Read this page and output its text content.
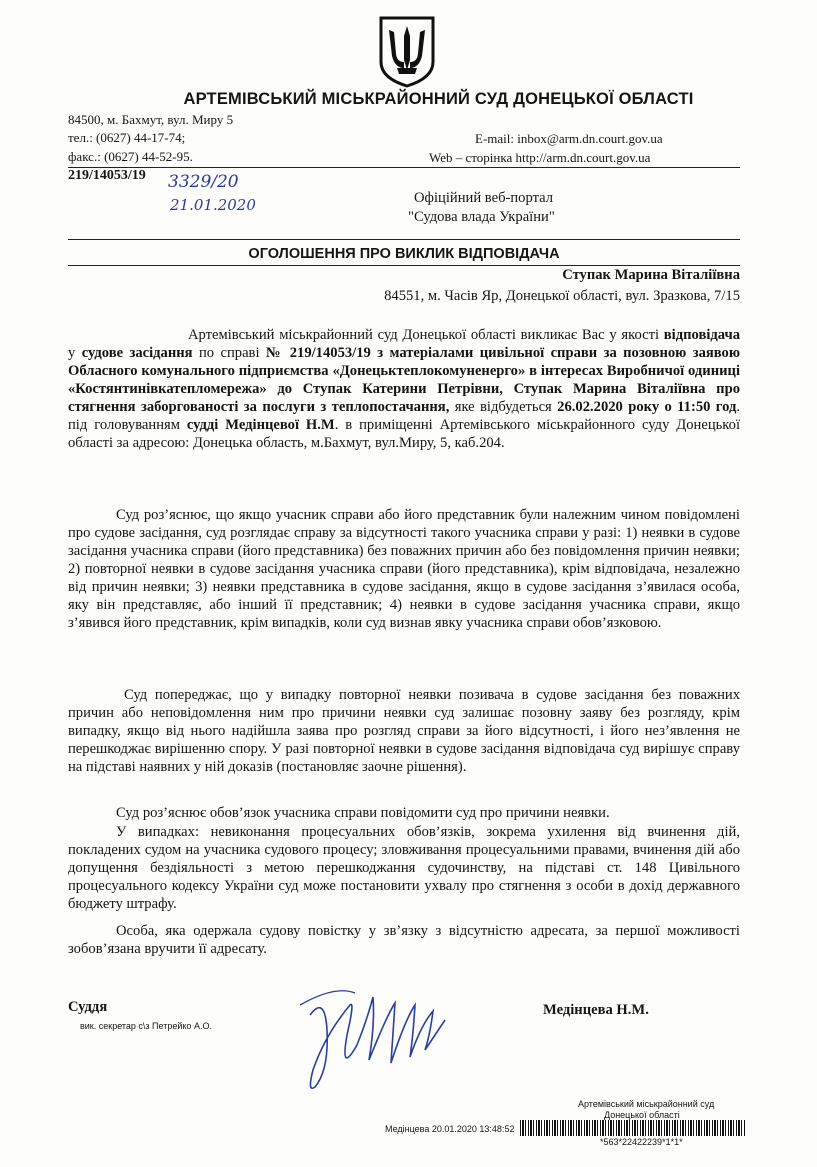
АРТЕМІВСЬКИЙ МІСЬКРАЙОННИЙ СУД ДОНЕЦЬКОЇ ОБЛАСТІ
84500, м. Бахмут, вул. Миру 5
тел.: (0627) 44-17-74;
факс.: (0627) 44-52-95.
E-mail: inbox@arm.dn.court.gov.ua
Web – сторінка http://arm.dn.court.gov.ua
219/14053/19 3329/20
21.01.2020	Офіційний веб-портал
"Судова влада України"
ОГОЛОШЕННЯ ПРО ВИКЛИК ВІДПОВІДАЧА
Ступак Марина Віталіївна
84551, м. Часів Яр, Донецької області, вул. Зразкова, 7/15

Артемівський міськрайонний суд Донецької області викликає Вас у якості відповідача у судове засідання по справі № 219/14053/19 з матеріалами цивільної справи за позовною заявою Обласного комунального підприємства «Донецьктеплокомуненерго» в інтересах Виробничої одиниці «Костянтинівкатепломережа» до Ступак Катерини Петрівни, Ступак Марина Віталіївна про стягнення заборгованості за послуги з теплопостачання, яке відбудеться 26.02.2020 року о 11:50 год. під головуванням судді Медінцевої Н.М. в приміщенні Артемівського міськрайонного суду Донецької області за адресою: Донецька область, м.Бахмут, вул.Миру, 5, каб.204.

Суд роз’яснює, що якщо учасник справи або його представник були належним чином повідомлені про судове засідання, суд розглядає справу за відсутності такого учасника справи у разі: 1) неявки в судове засідання учасника справи (його представника) без поважних причин або без повідомлення причин неявки; 2) повторної неявки в судове засідання учасника справи (його представника), крім відповідача, незалежно від причин неявки; 3) неявки представника в судове засідання, якщо в судове засідання з’явилася особа, яку він представляє, або інший її представник; 4) неявки в судове засідання учасника справи, якщо з’явився його представник, крім випадків, коли суд визнав явку учасника справи обов’язковою.

Суд попереджає, що у випадку повторної неявки позивача в судове засідання без поважних причин або неповідомлення ним про причини неявки суд залишає позовну заяву без розгляду, крім випадку, якщо від нього надійшла заява про розгляд справи за його відсутності, і його нез’явлення не перешкоджає вирішенню спору. У разі повторної неявки в судове засідання відповідача суд вирішує справу на підставі наявних у ній доказів (постановляє заочне рішення).

Суд роз’яснює обов’язок учасника справи повідомити суд про причини неявки.

У випадках: невиконання процесуальних обов’язків, зокрема ухилення від вчинення дій, покладених судом на учасника судового процесу; зловживання процесуальними правами, вчинення дій або допущення бездіяльності з метою перешкоджання судочинству, на підставі ст. 148 Цивільного процесуального кодексу України суд може постановити ухвалу про стягнення з особи в дохід державного бюджету штрафу.

Особа, яка одержала судову повістку у зв’язку з відсутністю адресата, за першої можливості зобов’язана вручити її адресату.

Суддя
вик. секретар с\з Петрейко А.О.
Медінцева Н.М.
Артемівський міськрайонний суд
Донецької області
Медінцева 20.01.2020 13:48:52
*563*22422239*1*1*
